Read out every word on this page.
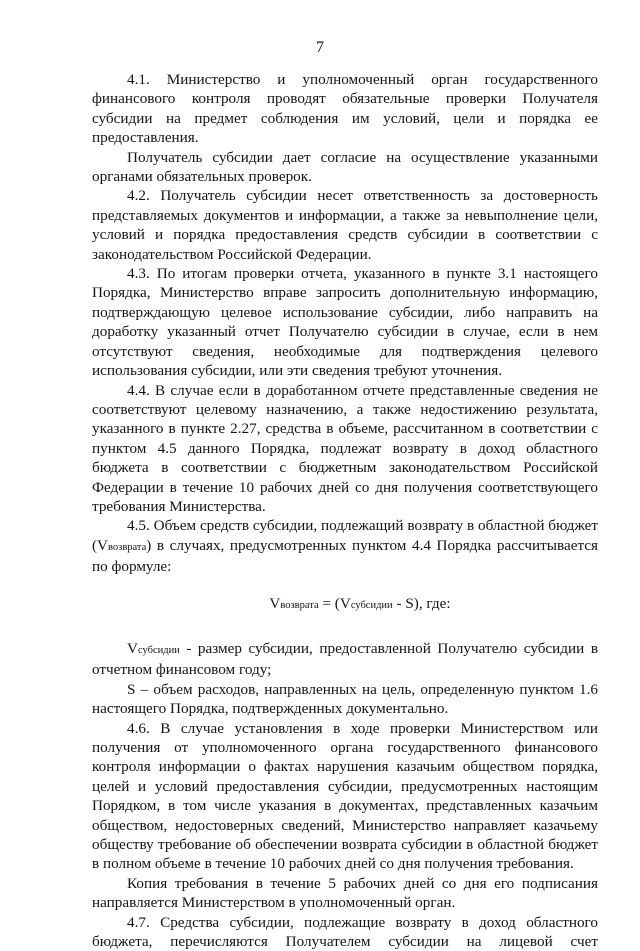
7

4.1. Министерство и уполномоченный орган государственного финансового контроля проводят обязательные проверки Получателя субсидии на предмет соблюдения им условий, цели и порядка ее предоставления.

Получатель субсидии дает согласие на осуществление указанными органами обязательных проверок.

4.2. Получатель субсидии несет ответственность за достоверность представляемых документов и информации, а также за невыполнение цели, условий и порядка предоставления средств субсидии в соответствии с законодательством Российской Федерации.

4.3. По итогам проверки отчета, указанного в пункте 3.1 настоящего Порядка, Министерство вправе запросить дополнительную информацию, подтверждающую целевое использование субсидии, либо направить на доработку указанный отчет Получателю субсидии в случае, если в нем отсутствуют сведения, необходимые для подтверждения целевого использования субсидии, или эти сведения требуют уточнения.

4.4. В случае если в доработанном отчете представленные сведения не соответствуют целевому назначению, а также недостижению результата, указанного в пункте 2.27, средства в объеме, рассчитанном в соответствии с пунктом 4.5 данного Порядка, подлежат возврату в доход областного бюджета в соответствии с бюджетным законодательством Российской Федерации в течение 10 рабочих дней со дня получения соответствующего требования Министерства.

4.5. Объем средств субсидии, подлежащий возврату в областной бюджет (Vвозврата) в случаях, предусмотренных пунктом 4.4 Порядка рассчитывается по формуле:

Vвозврата = (Vсубсидии - S), где:

Vсубсидии - размер субсидии, предоставленной Получателю субсидии в отчетном финансовом году;

S – объем расходов, направленных на цель, определенную пунктом 1.6 настоящего Порядка, подтвержденных документально.

4.6. В случае установления в ходе проверки Министерством или получения от уполномоченного органа государственного финансового контроля информации о фактах нарушения казачьим обществом порядка, целей и условий предоставления субсидии, предусмотренных настоящим Порядком, в том числе указания в документах, представленных казачьим обществом, недостоверных сведений, Министерство направляет казачьему обществу требование об обеспечении возврата субсидии в областной бюджет в полном объеме в течение 10 рабочих дней со дня получения требования.

Копия требования в течение 5 рабочих дней со дня его подписания направляется Министерством в уполномоченный орган.

4.7. Средства субсидии, подлежащие возврату в доход областного бюджета, перечисляются Получателем субсидии на лицевой счет
